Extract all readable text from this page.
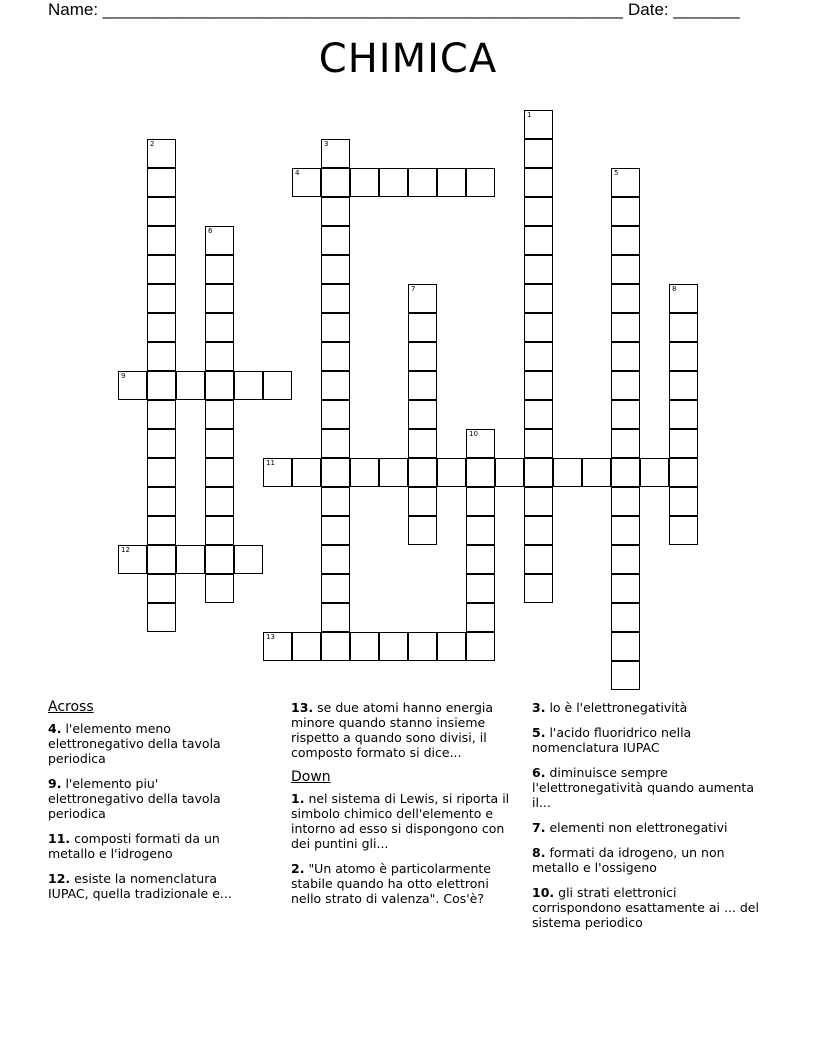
Name: _______________________________________________________ Date: _______
CHIMICA
1
2	3
4	5
6
7	8
9
10
11
12
13
Across
4. l'elemento meno elettronegativo della tavola periodica
9. l'elemento piu' elettronegativo della tavola periodica
11. composti formati da un metallo e l'idrogeno
12. esiste la nomenclatura IUPAC, quella tradizionale e...
13. se due atomi hanno energia minore quando stanno insieme rispetto a quando sono divisi, il composto formato si dice...
Down
1. nel sistema di Lewis, si riporta il simbolo chimico dell'elemento e intorno ad esso si dispongono con dei puntini gli...
2. "Un atomo è particolarmente stabile quando ha otto elettroni nello strato di valenza". Cos'è?
3. lo è l'elettronegatività
5. l'acido fluoridrico nella nomenclatura IUPAC
6. diminuisce sempre l'elettronegatività quando aumenta il...
7. elementi non elettronegativi
8. formati da idrogeno, un non metallo e l'ossigeno
10. gli strati elettronici corrispondono esattamente ai ... del sistema periodico
